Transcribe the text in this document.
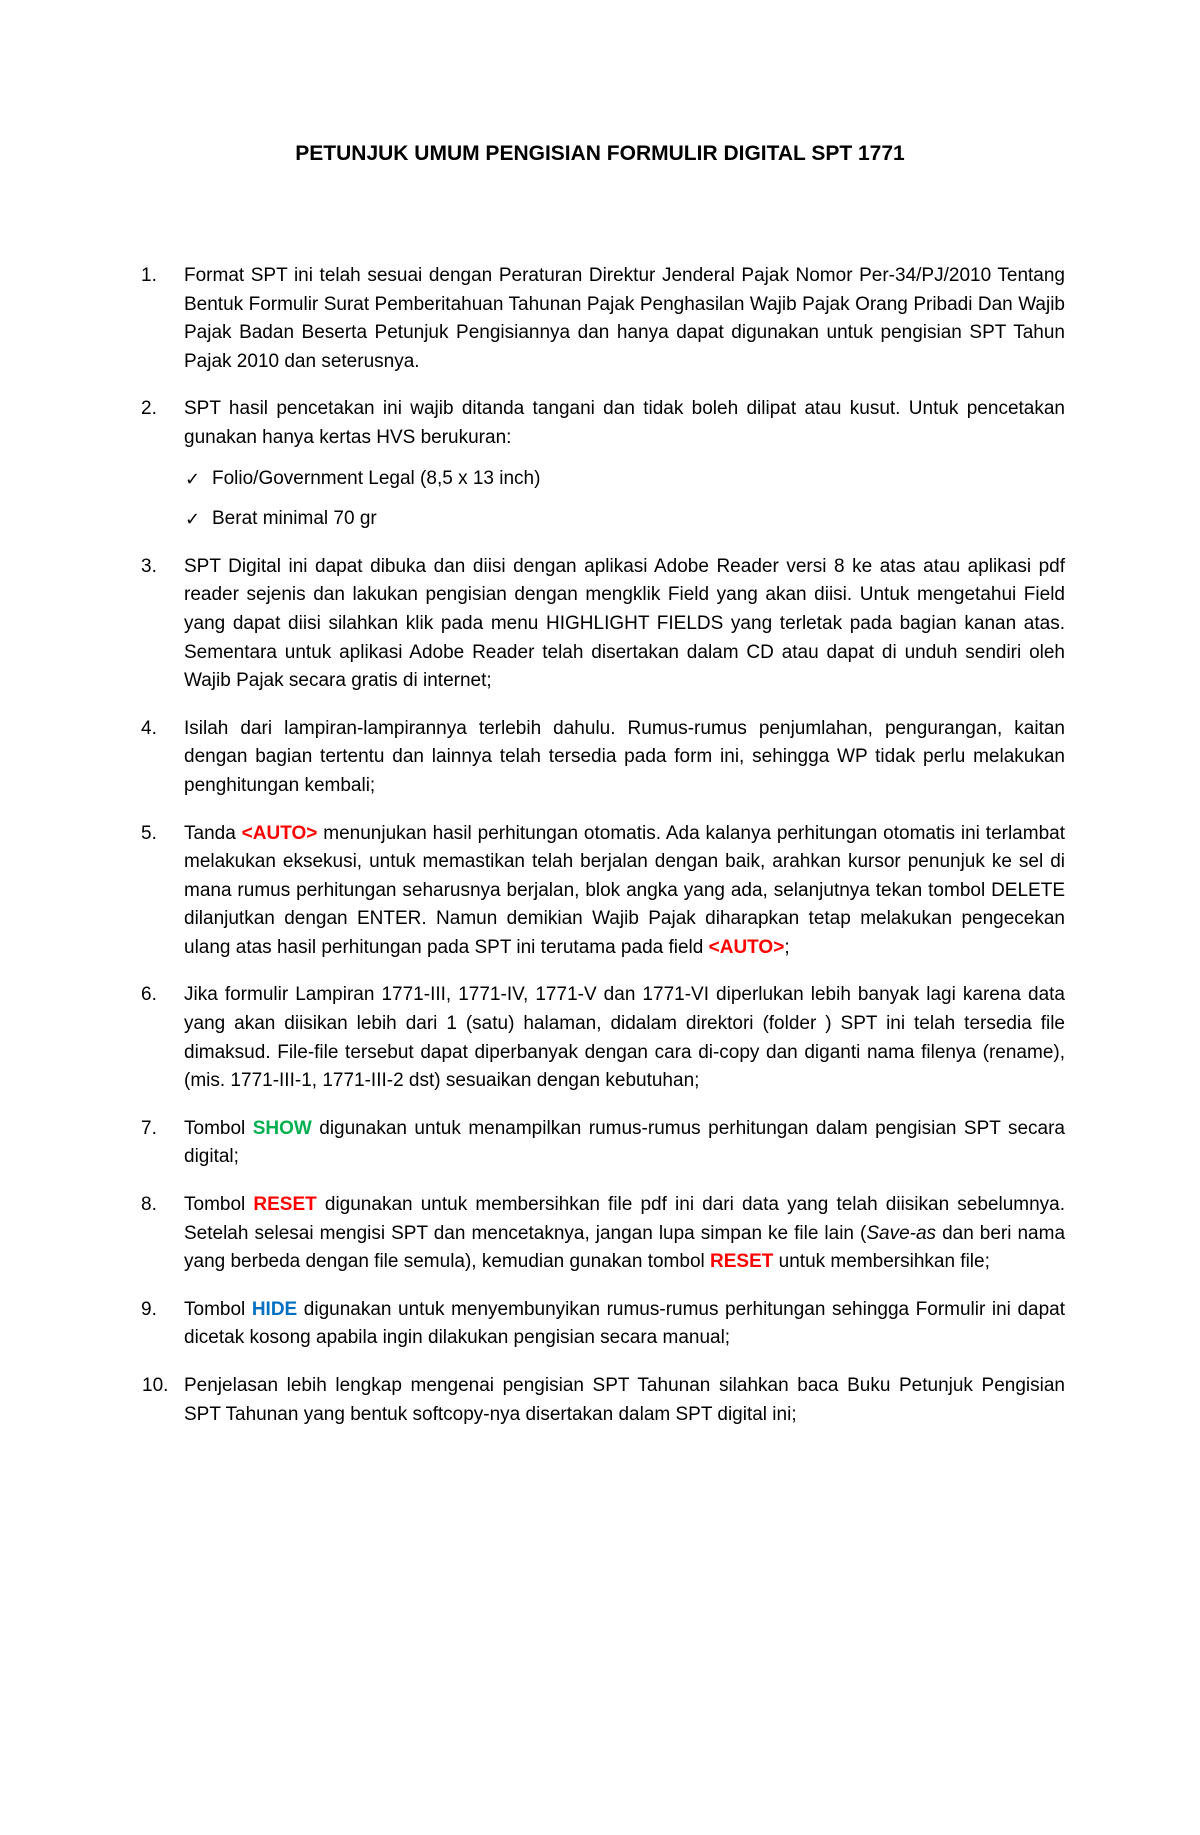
PETUNJUK UMUM PENGISIAN FORMULIR DIGITAL SPT 1771
1. Format SPT ini telah sesuai dengan Peraturan Direktur Jenderal Pajak Nomor Per-34/PJ/2010 Tentang Bentuk Formulir Surat Pemberitahuan Tahunan Pajak Penghasilan Wajib Pajak Orang Pribadi Dan Wajib Pajak Badan Beserta Petunjuk Pengisiannya dan hanya dapat digunakan untuk pengisian SPT Tahun Pajak 2010 dan seterusnya.
2. SPT hasil pencetakan ini wajib ditanda tangani dan tidak boleh dilipat atau kusut. Untuk pencetakan gunakan hanya kertas HVS berukuran:
✓ Folio/Government Legal (8,5 x 13 inch)
✓ Berat minimal 70 gr
3. SPT Digital ini dapat dibuka dan diisi dengan aplikasi Adobe Reader versi 8 ke atas atau aplikasi pdf reader sejenis dan lakukan pengisian dengan mengklik Field yang akan diisi. Untuk mengetahui Field yang dapat diisi silahkan klik pada menu HIGHLIGHT FIELDS yang terletak pada bagian kanan atas. Sementara untuk aplikasi Adobe Reader telah disertakan dalam CD atau dapat di unduh sendiri oleh Wajib Pajak secara gratis di internet;
4. Isilah dari lampiran-lampirannya terlebih dahulu. Rumus-rumus penjumlahan, pengurangan, kaitan dengan bagian tertentu dan lainnya telah tersedia pada form ini, sehingga WP tidak perlu melakukan penghitungan kembali;
5. Tanda <AUTO> menunjukan hasil perhitungan otomatis. Ada kalanya perhitungan otomatis ini terlambat melakukan eksekusi, untuk memastikan telah berjalan dengan baik, arahkan kursor penunjuk ke sel di mana rumus perhitungan seharusnya berjalan, blok angka yang ada, selanjutnya tekan tombol DELETE dilanjutkan dengan ENTER. Namun demikian Wajib Pajak diharapkan tetap melakukan pengecekan ulang atas hasil perhitungan pada SPT ini terutama pada field <AUTO>;
6. Jika formulir Lampiran 1771-III, 1771-IV, 1771-V dan 1771-VI diperlukan lebih banyak lagi karena data yang akan diisikan lebih dari 1 (satu) halaman, didalam direktori (folder ) SPT ini telah tersedia file dimaksud. File-file tersebut dapat diperbanyak dengan cara di-copy dan diganti nama filenya (rename), (mis. 1771-III-1, 1771-III-2 dst) sesuaikan dengan kebutuhan;
7. Tombol SHOW digunakan untuk menampilkan rumus-rumus perhitungan dalam pengisian SPT secara digital;
8. Tombol RESET digunakan untuk membersihkan file pdf ini dari data yang telah diisikan sebelumnya. Setelah selesai mengisi SPT dan mencetaknya, jangan lupa simpan ke file lain (Save-as dan beri nama yang berbeda dengan file semula), kemudian gunakan tombol RESET untuk membersihkan file;
9. Tombol HIDE digunakan untuk menyembunyikan rumus-rumus perhitungan sehingga Formulir ini dapat dicetak kosong apabila ingin dilakukan pengisian secara manual;
10. Penjelasan lebih lengkap mengenai pengisian SPT Tahunan silahkan baca Buku Petunjuk Pengisian SPT Tahunan yang bentuk softcopy-nya disertakan dalam SPT digital ini;
